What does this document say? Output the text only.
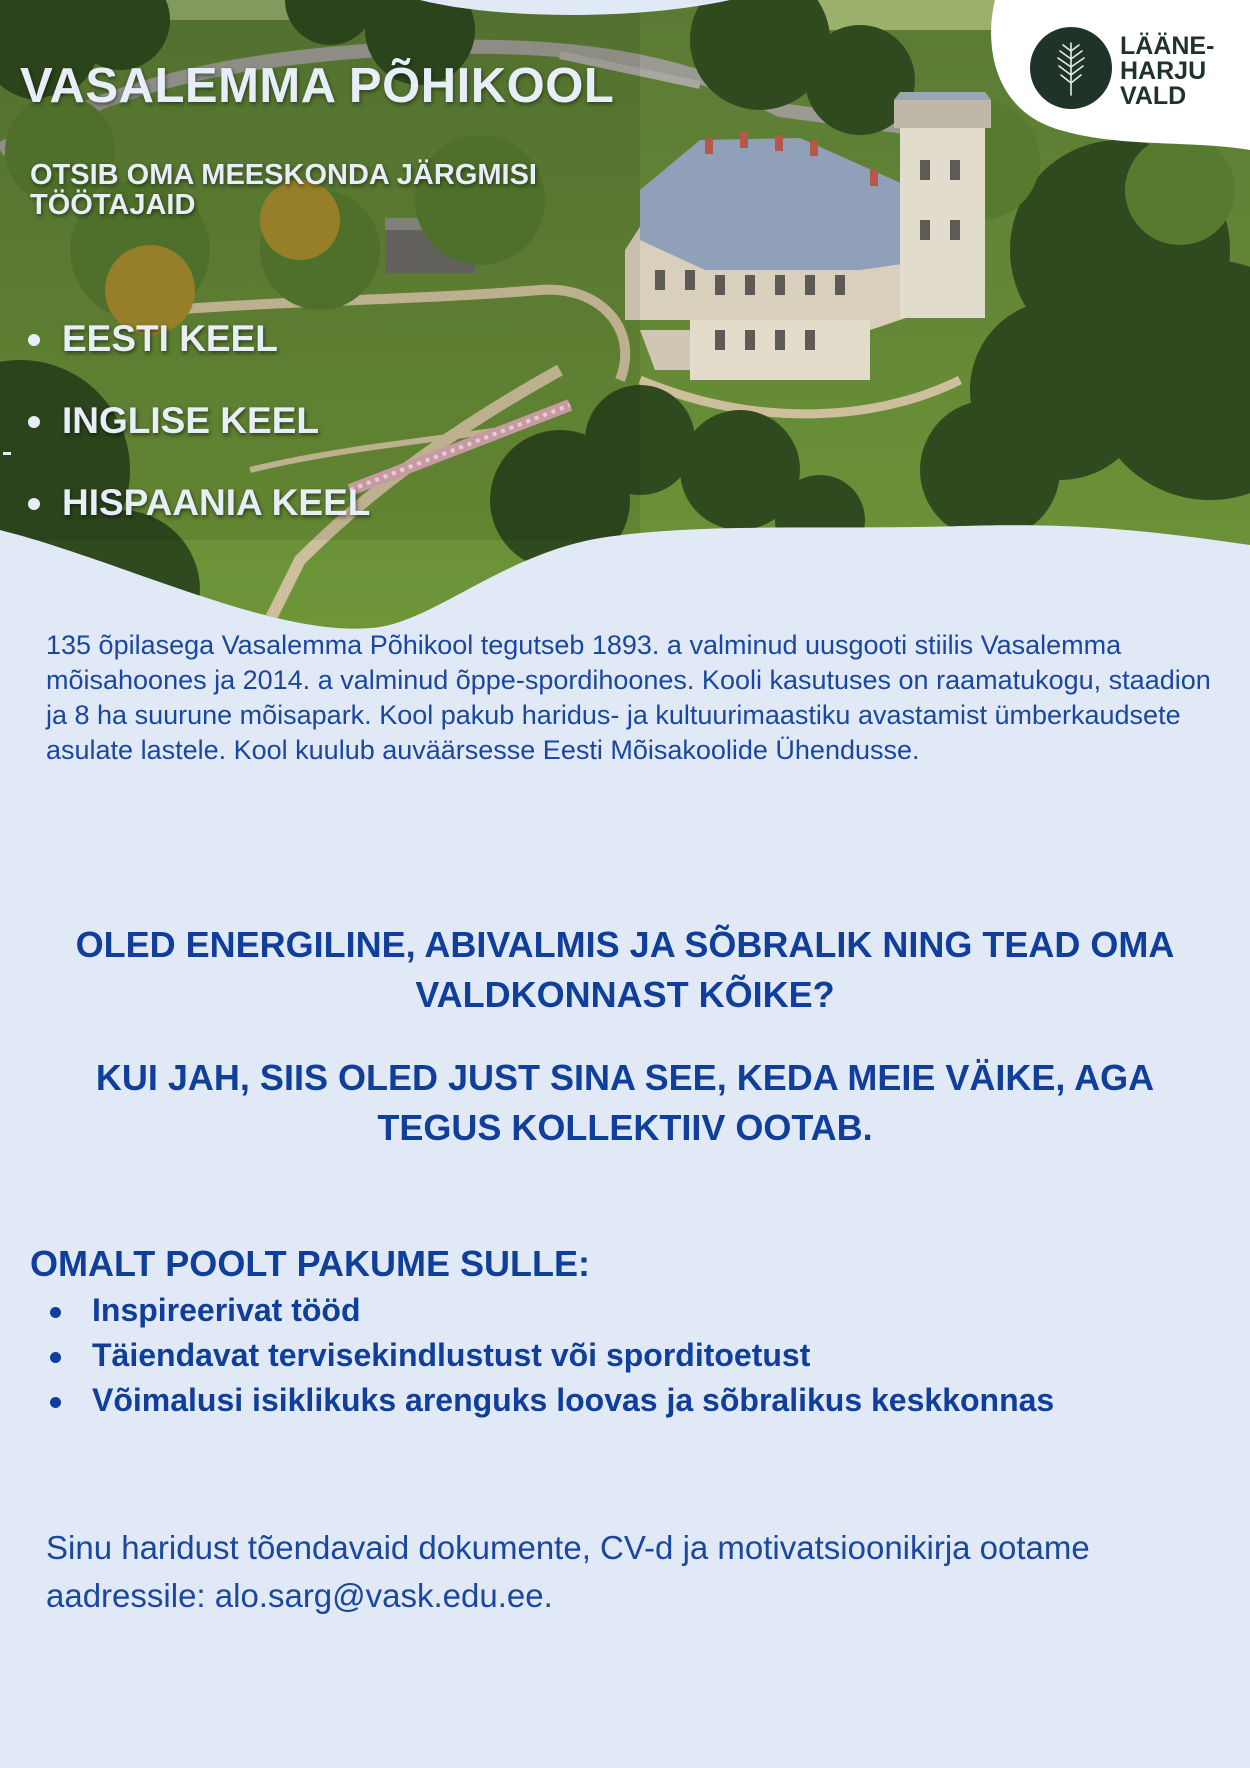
VASALEMMA PÕHIKOOL
OTSIB OMA MEESKONDA JÄRGMISI TÖÖTAJAID
EESTI KEEL
INGLISE KEEL
HISPAANIA KEEL

LÄÄNE-
HARJU
VALD

135 õpilasega Vasalemma Põhikool tegutseb 1893. a valminud uusgooti stiilis Vasalemma mõisahoones ja 2014. a valminud õppe-spordihoones. Kooli kasutuses on raamatukogu, staadion ja 8 ha suurune mõisapark. Kool pakub haridus- ja kultuurimaastiku avastamist ümberkaudsete asulate lastele. Kool kuulub auväärsesse Eesti Mõisakoolide Ühendusse.

OLED ENERGILINE, ABIVALMIS JA SÕBRALIK NING TEAD OMA VALDKONNAST KÕIKE?

KUI JAH, SIIS OLED JUST SINA SEE, KEDA MEIE VÄIKE, AGA TEGUS KOLLEKTIIV OOTAB.

OMALT POOLT PAKUME SULLE:
Inspireerivat tööd
Täiendavat tervisekindlustust või sporditoetust
Võimalusi isiklikuks arenguks loovas ja sõbralikus keskkonnas

Sinu haridust tõendavaid dokumente, CV-d ja motivatsioonikirja ootame aadressile: alo.sarg@vask.edu.ee.
